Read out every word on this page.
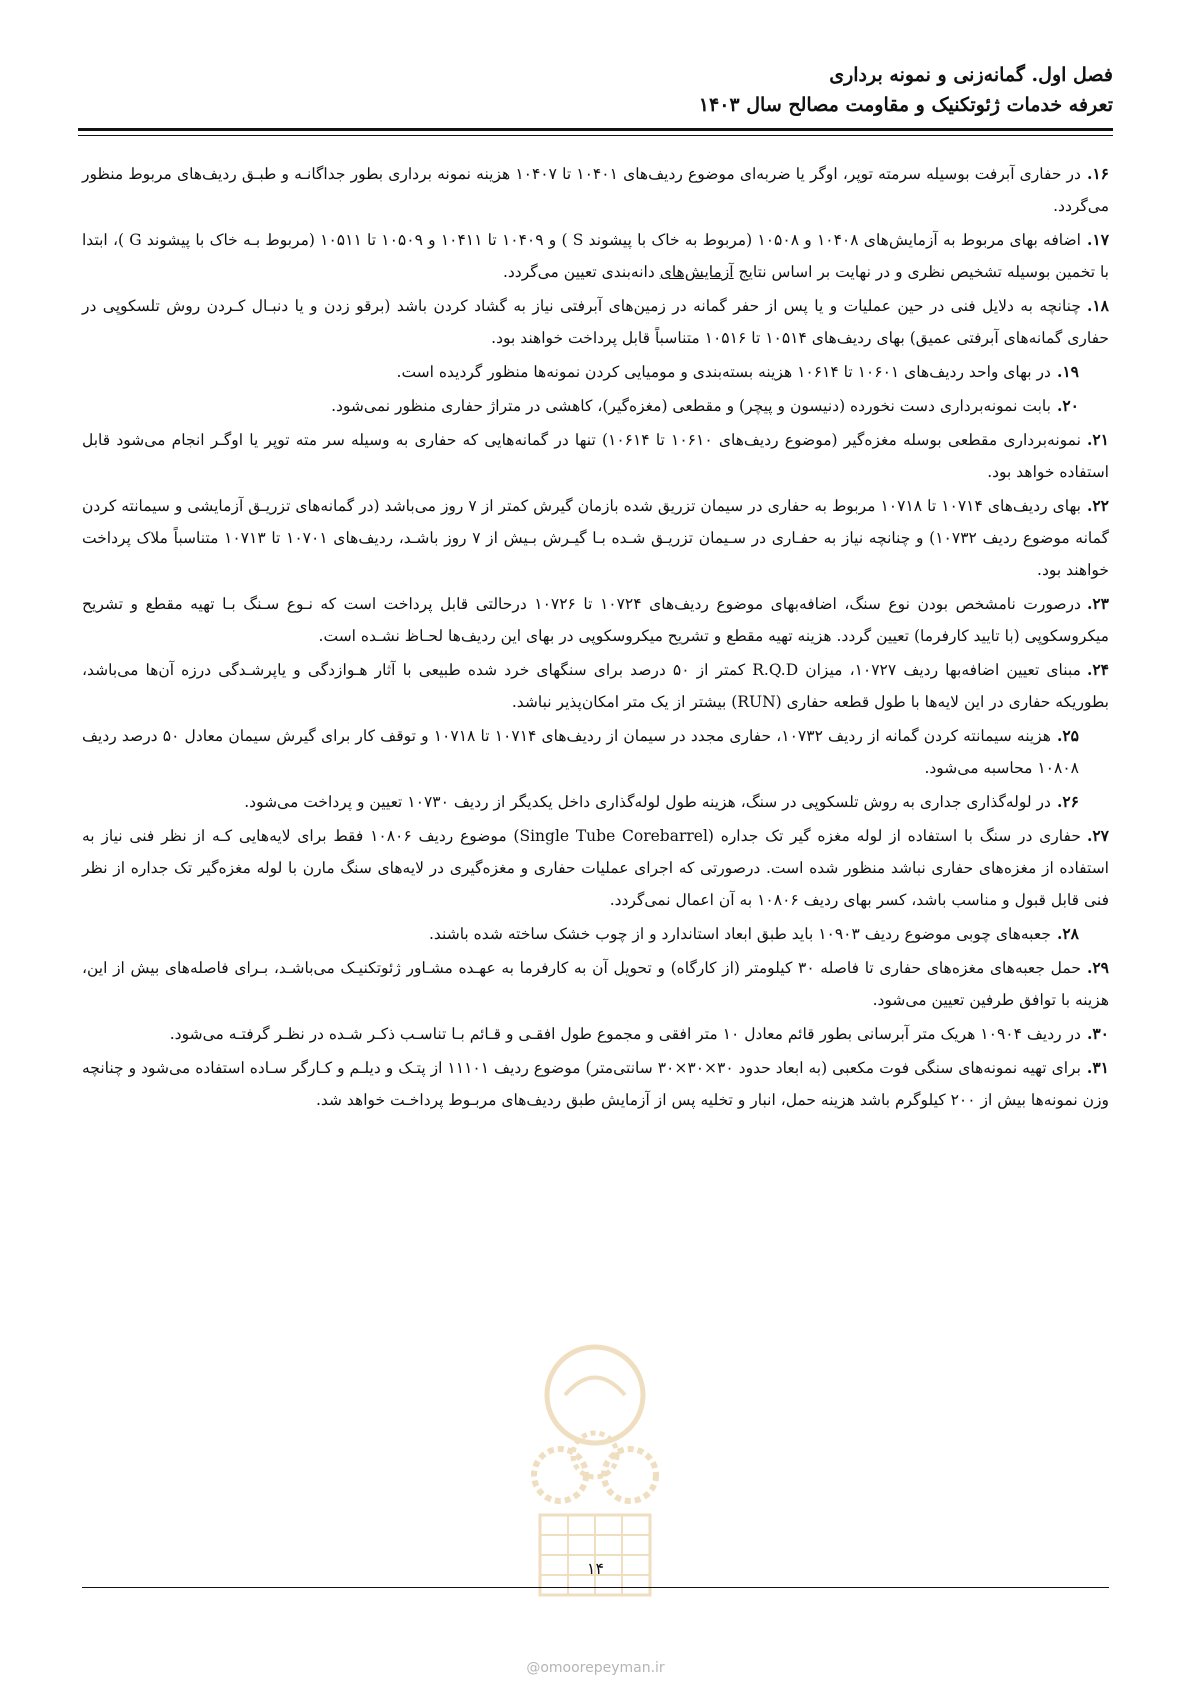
فصل اول. گمانه‌زنی و نمونه برداری
تعرفه خدمات ژئوتکنیک و مقاومت مصالح سال ۱۴۰۳

۱۶.در حفاری آبرفت بوسیله سرمته توپر، اوگر یا ضربه‌ای موضوع ردیف‌های ۱۰۴۰۱ تا ۱۰۴۰۷ هزینه نمونه برداری بطور جداگانـه و طبـق ردیف‌های مربوط منظور می‌گردد.

۱۷.اضافه بهای مربوط به آزمایش‌های ۱۰۴۰۸ و ۱۰۵۰۸ (مربوط به خاک با پیشوند S ) و ۱۰۴۰۹ تا ۱۰۴۱۱ و ۱۰۵۰۹ تا ۱۰۵۱۱ (مربوط بـه خاک با پیشوند G )، ابتدا با تخمین بوسیله تشخیص نظری و در نهایت بر اساس نتایج آزمایش‌های دانه‌بندی تعیین می‌گردد.

۱۸.چنانچه به دلایل فنی در حین عملیات و یا پس از حفر گمانه در زمین‌های آبرفتی نیاز به گشاد کردن باشد (برقو زدن و یا دنبـال کـردن روش تلسکوپی در حفاری گمانه‌های آبرفتی عمیق) بهای ردیف‌های ۱۰۵۱۴ تا ۱۰۵۱۶ متناسباً قابل پرداخت خواهند بود.

۱۹.در بهای واحد ردیف‌های ۱۰۶۰۱ تا ۱۰۶۱۴ هزینه بسته‌بندی و مومیایی کردن نمونه‌ها منظور گردیده است.

۲۰.بابت نمونه‌برداری دست نخورده (دنیسون و پیچر) و مقطعی (مغزه‌گیر)، کاهشی در متراژ حفاری منظور نمی‌شود.

۲۱.نمونه‌برداری مقطعی بوسله مغزه‌گیر (موضوع ردیف‌های ۱۰۶۱۰ تا ۱۰۶۱۴) تنها در گمانه‌هایی که حفاری به وسیله سر مته توپر یا اوگـر انجام می‌شود قابل استفاده خواهد بود.

۲۲.بهای ردیف‌های ۱۰۷۱۴ تا ۱۰۷۱۸ مربوط به حفاری در سیمان تزریق شده بازمان گیرش کمتر از ۷ روز می‌باشد (در گمانه‌های تزریـق آزمایشی و سیمانته کردن گمانه موضوع ردیف ۱۰۷۳۲) و چنانچه نیاز به حفـاری در سـیمان تزریـق شـده بـا گیـرش بـیش از ۷ روز باشـد، ردیف‌های ۱۰۷۰۱ تا ۱۰۷۱۳ متناسباً ملاک پرداخت خواهند بود.

۲۳.درصورت نامشخص بودن نوع سنگ، اضافه‌بهای موضوع ردیف‌های ۱۰۷۲۴ تا ۱۰۷۲۶ درحالتی قابل پرداخت است که نـوع سـنگ بـا تهیه مقطع و تشریح میکروسکوپی (با تایید کارفرما) تعیین گردد. هزینه تهیه مقطع و تشریح میکروسکوپی در بهای این ردیف‌ها لحـاظ نشـده است.

۲۴.مبنای تعیین اضافه‌بها ردیف ۱۰۷۲۷، میزان R.Q.D کمتر از ۵۰ درصد برای سنگهای خرد شده طبیعی با آثار هـوازدگی و یاپرشـدگی درزه آن‌ها می‌باشد، بطوریکه حفاری در این لایه‌ها با طول قطعه حفاری (RUN) بیشتر از یک متر امکان‌پذیر نباشد.

۲۵.هزینه سیمانته کردن گمانه از ردیف ۱۰۷۳۲، حفاری مجدد در سیمان از ردیف‌های ۱۰۷۱۴ تا ۱۰۷۱۸ و توقف کار برای گیرش سیمان معادل ۵۰ درصد ردیف ۱۰۸۰۸ محاسبه می‌شود.

۲۶.در لوله‌گذاری جداری به روش تلسکوپی در سنگ، هزینه طول لوله‌گذاری داخل یکدیگر از ردیف ۱۰۷۳۰ تعیین و پرداخت می‌شود.

۲۷.حفاری در سنگ با استفاده از لوله مغزه گیر تک جداره (Single Tube Corebarrel) موضوع ردیف ۱۰۸۰۶ فقط برای لایه‌هایی کـه از نظر فنی نیاز به استفاده از مغزه‌های حفاری نباشد منظور شده است. درصورتی که اجرای عملیات حفاری و مغزه‌گیری در لایه‌های سنگ مارن با لوله مغزه‌گیر تک جداره از نظر فنی قابل قبول و مناسب باشد، کسر بهای ردیف ۱۰۸۰۶ به آن اعمال نمی‌گردد.

۲۸.جعبه‌های چوبی موضوع ردیف ۱۰۹۰۳ باید طبق ابعاد استاندارد و از چوب خشک ساخته شده باشند.

۲۹.حمل جعبه‌های مغزه‌های حفاری تا فاصله ۳۰ کیلومتر (از کارگاه) و تحویل آن به کارفرما به عهـده مشـاور ژئوتکنیـک می‌باشـد، بـرای فاصله‌های بیش از این، هزینه با توافق طرفین تعیین می‌شود.

۳۰.در ردیف ۱۰۹۰۴ هریک متر آبرسانی بطور قائم معادل ۱۰ متر افقی و مجموع طول افقـی و قـائم بـا تناسـب ذکـر شـده در نظـر گرفتـه می‌شود.

۳۱.برای تهیه نمونه‌های سنگی فوت مکعبی (به ابعاد حدود ۳۰×۳۰×۳۰ سانتی‌متر) موضوع ردیف ۱۱۱۰۱ از پتـک و دیلـم و کـارگر سـاده استفاده می‌شود و چنانچه وزن نمونه‌ها بیش از ۲۰۰ کیلوگرم باشد هزینه حمل، انبار و تخلیه پس از آزمایش طبق ردیف‌های مربـوط پرداخـت خواهد شد.

۱۴
@omoorepeyman.ir
